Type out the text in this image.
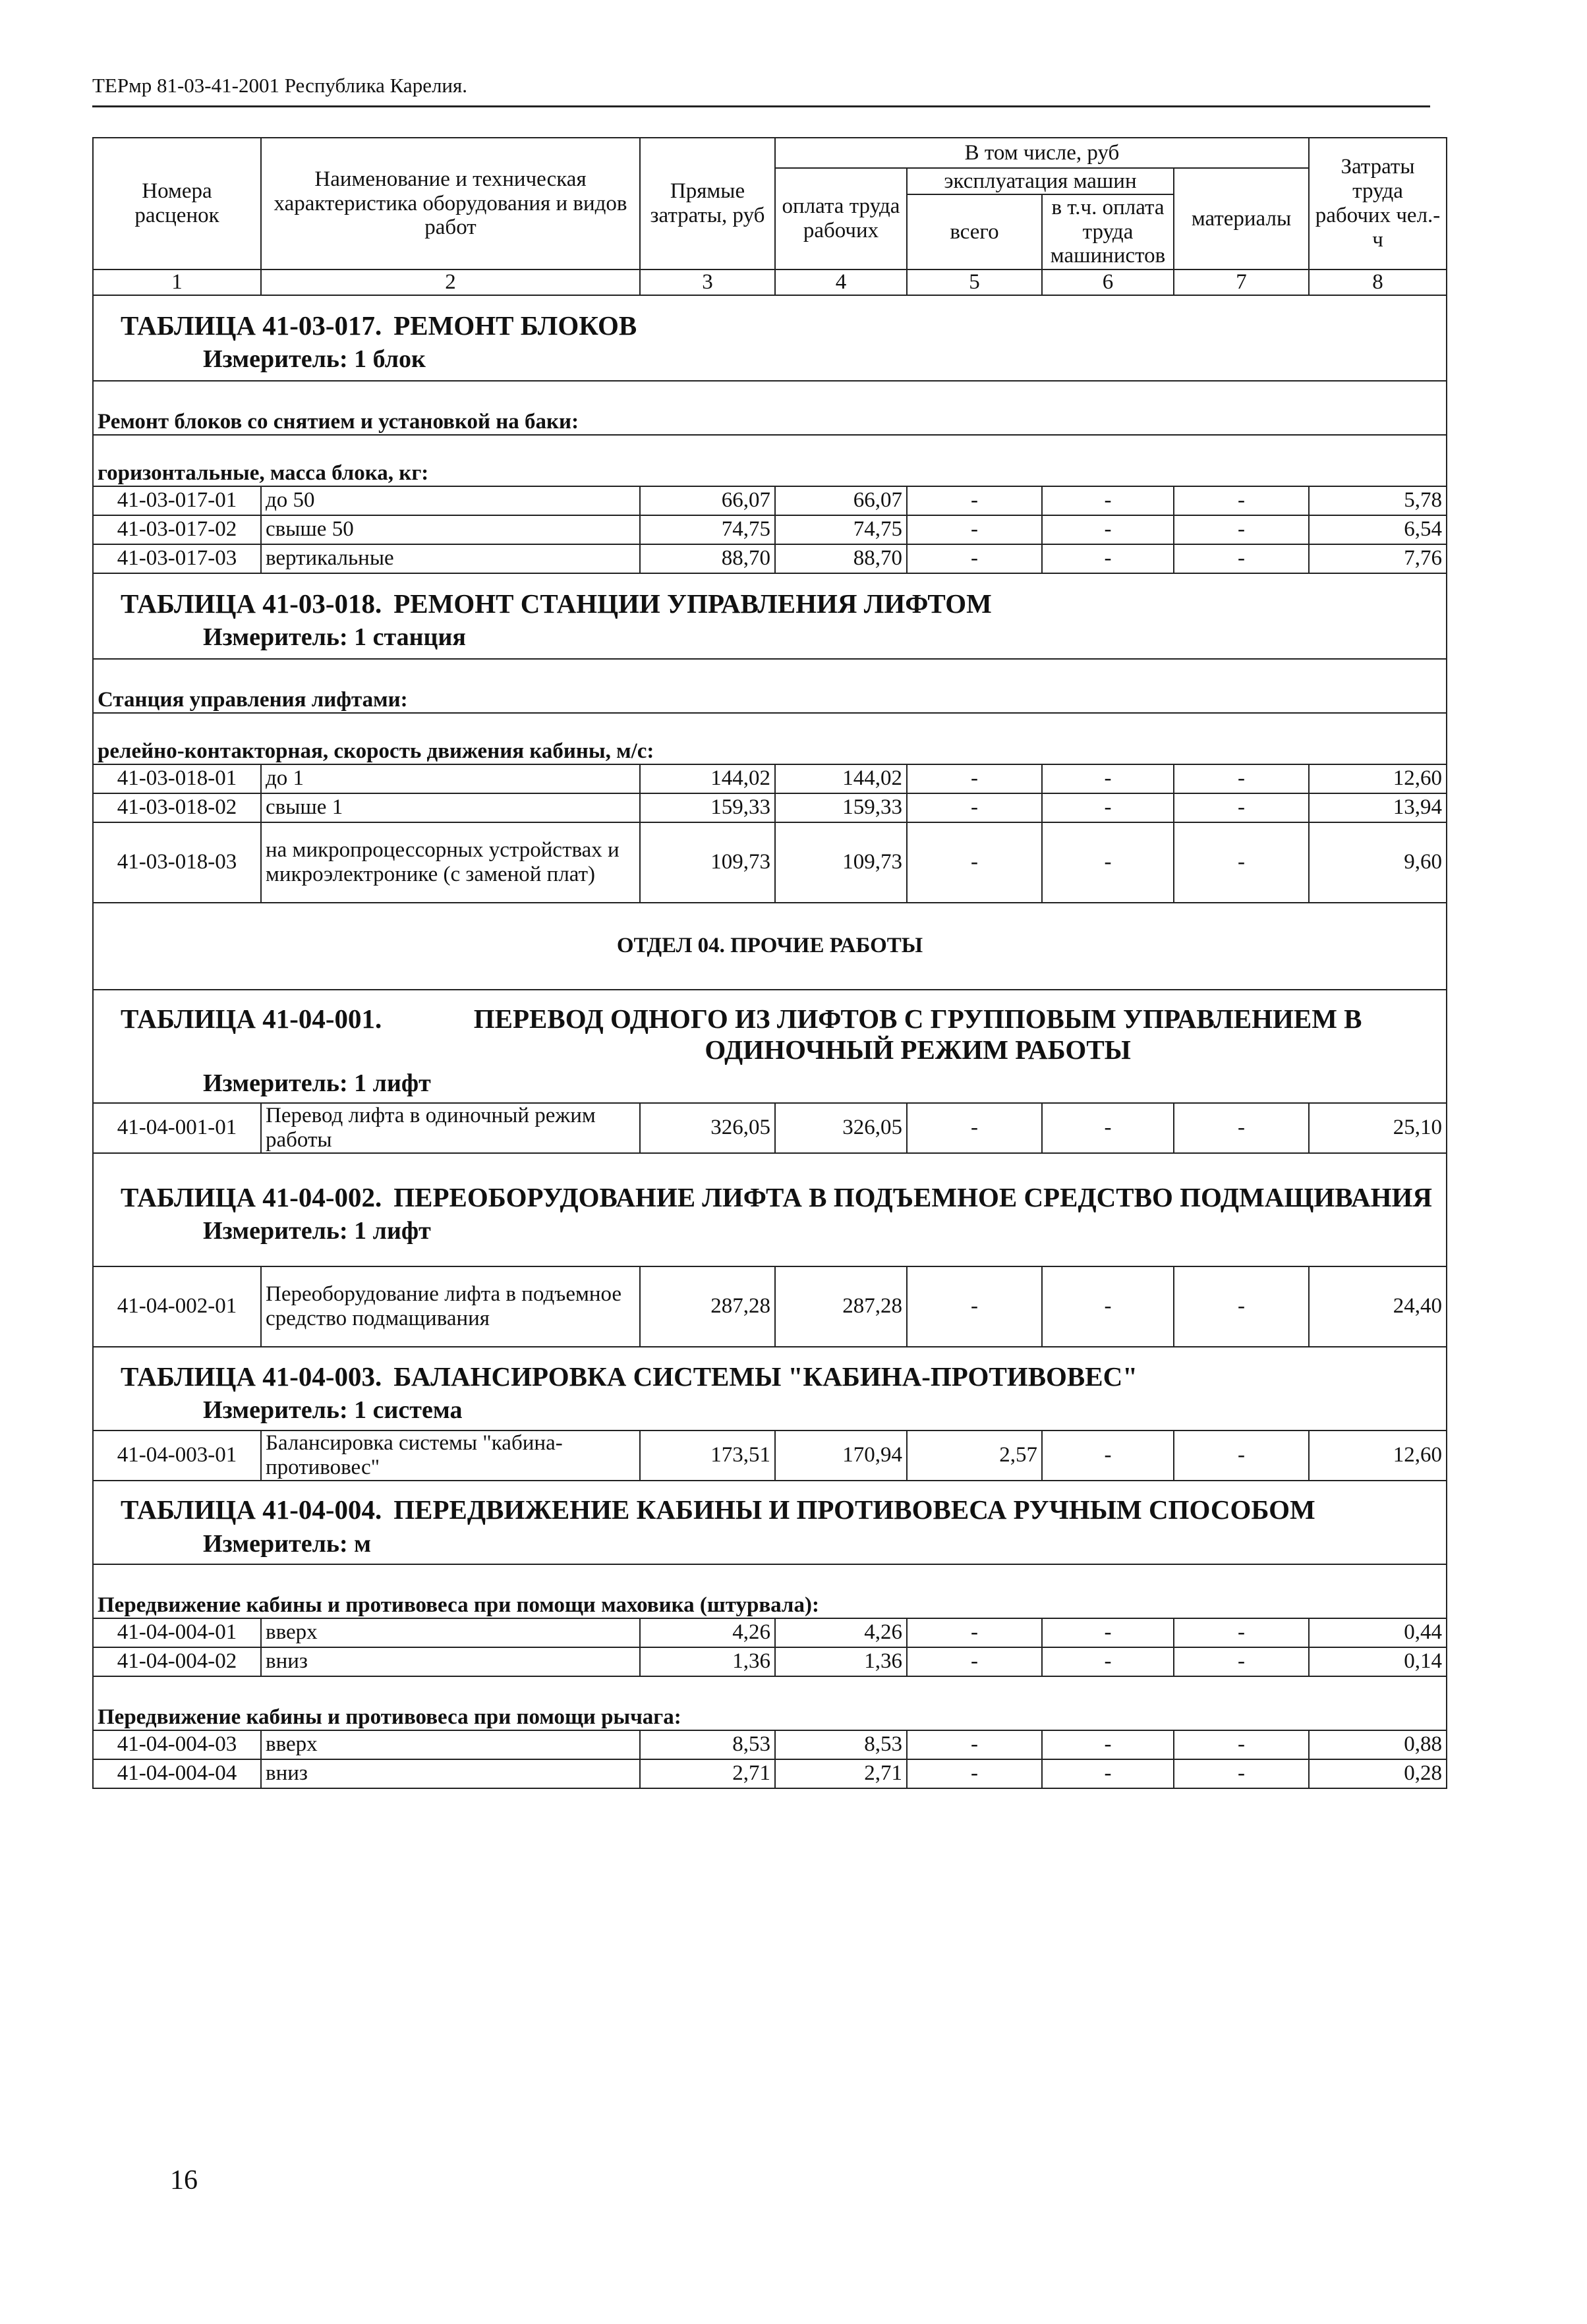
ТЕРмр 81-03-41-2001 Республика Карелия.
Номера расценок	Наименование и техническая характеристика оборудования и видов работ	Прямые затраты, руб	В том числе, руб				Затраты труда рабочих чел.-ч
			оплата труда рабочих	эксплуатация машин		материалы	
				всего	в т.ч. оплата труда машинистов		
1	2	3	4	5	6	7	8

ТАБЛИЦА 41-03-017. РЕМОНТ БЛОКОВ
Измеритель: 1 блок							

Ремонт блоков со снятием и установкой на баки:							
горизонтальные, масса блока, кг:							
41-03-017-01	до 50	66,07	66,07	-	-	-	5,78
41-03-017-02	свыше 50	74,75	74,75	-	-	-	6,54
41-03-017-03	вертикальные	88,70	88,70	-	-	-	7,76

ТАБЛИЦА 41-03-018. РЕМОНТ СТАНЦИИ УПРАВЛЕНИЯ ЛИФТОМ
Измеритель: 1 станция							

Станция управления лифтами:							
релейно-контакторная, скорость движения кабины, м/с:							
41-03-018-01	до 1	144,02	144,02	-	-	-	12,60
41-03-018-02	свыше 1	159,33	159,33	-	-	-	13,94
41-03-018-03	на микропроцессорных устройствах и микроэлектронике (с заменой плат)	109,73	109,73	-	-	-	9,60
ОТДЕЛ 04. ПРОЧИЕ РАБОТЫ							

ТАБЛИЦА 41-04-001. ПЕРЕВОД ОДНОГО ИЗ ЛИФТОВ С ГРУППОВЫМ УПРАВЛЕНИЕМ В ОДИНОЧНЫЙ РЕЖИМ РАБОТЫ
Измеритель: 1 лифт							

41-04-001-01	Перевод лифта в одиночный режим работы	326,05	326,05	-	-	-	25,10

ТАБЛИЦА 41-04-002. ПЕРЕОБОРУДОВАНИЕ ЛИФТА В ПОДЪЕМНОЕ СРЕДСТВО ПОДМАЩИВАНИЯ
Измеритель: 1 лифт							

41-04-002-01	Переоборудование лифта в подъемное средство подмащивания	287,28	287,28	-	-	-	24,40

ТАБЛИЦА 41-04-003. БАЛАНСИРОВКА СИСТЕМЫ "КАБИНА-ПРОТИВОВЕС"
Измеритель: 1 система							

41-04-003-01	Балансировка системы "кабина-противовес"	173,51	170,94	2,57	-	-	12,60

ТАБЛИЦА 41-04-004. ПЕРЕДВИЖЕНИЕ КАБИНЫ И ПРОТИВОВЕСА РУЧНЫМ СПОСОБОМ
Измеритель: м							

Передвижение кабины и противовеса при помощи маховика (штурвала):							
41-04-004-01	вверх	4,26	4,26	-	-	-	0,44
41-04-004-02	вниз	1,36	1,36	-	-	-	0,14
Передвижение кабины и противовеса при помощи рычага:							
41-04-004-03	вверх	8,53	8,53	-	-	-	0,88
41-04-004-04	вниз	2,71	2,71	-	-	-	0,28
16
